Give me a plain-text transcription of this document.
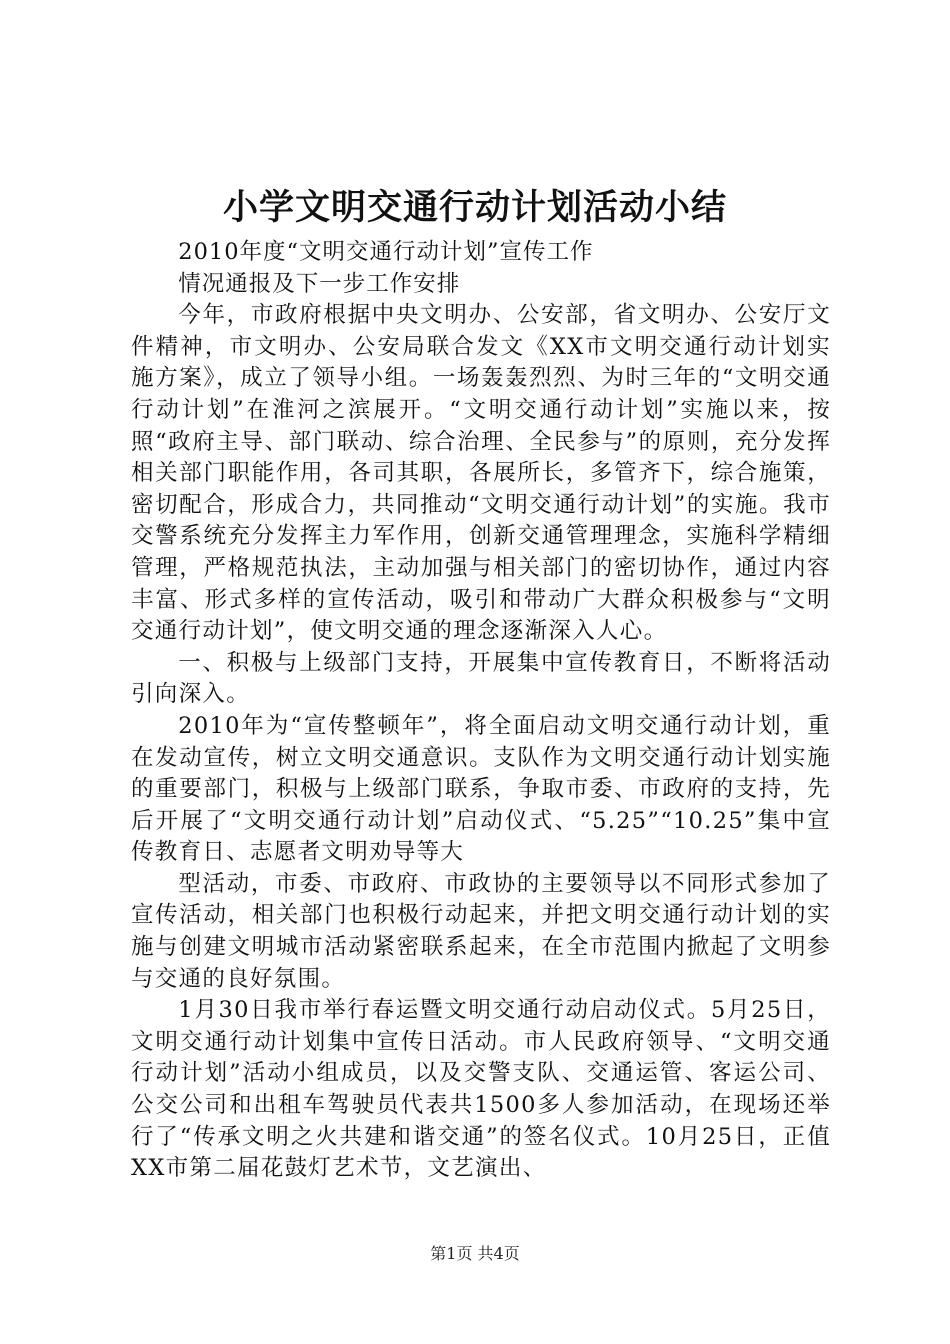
小学文明交通行动计划活动小结

2010年度“文明交通行动计划”宣传工作

情况通报及下一步工作安排

今年，市政府根据中央文明办、公安部，省文明办、公安厅文件精神，市文明办、公安局联合发文《XX市文明交通行动计划实施方案》，成立了领导小组。一场轰轰烈烈、为时三年的“文明交通行动计划”在淮河之滨展开。“文明交通行动计划”实施以来，按照“政府主导、部门联动、综合治理、全民参与”的原则，充分发挥相关部门职能作用，各司其职，各展所长，多管齐下，综合施策，密切配合，形成合力，共同推动“文明交通行动计划”的实施。我市交警系统充分发挥主力军作用，创新交通管理理念，实施科学精细管理，严格规范执法，主动加强与相关部门的密切协作，通过内容丰富、形式多样的宣传活动，吸引和带动广大群众积极参与“文明交通行动计划”，使文明交通的理念逐渐深入人心。

一、积极与上级部门支持，开展集中宣传教育日，不断将活动引向深入。

2010年为“宣传整顿年”，将全面启动文明交通行动计划，重在发动宣传，树立文明交通意识。支队作为文明交通行动计划实施的重要部门，积极与上级部门联系，争取市委、市政府的支持，先后开展了“文明交通行动计划”启动仪式、“5.25”“10.25”集中宣传教育日、志愿者文明劝导等大

型活动，市委、市政府、市政协的主要领导以不同形式参加了宣传活动，相关部门也积极行动起来，并把文明交通行动计划的实施与创建文明城市活动紧密联系起来，在全市范围内掀起了文明参与交通的良好氛围。

1月30日我市举行春运暨文明交通行动启动仪式。5月25日，文明交通行动计划集中宣传日活动。市人民政府领导、“文明交通行动计划”活动小组成员，以及交警支队、交通运管、客运公司、公交公司和出租车驾驶员代表共1500多人参加活动，在现场还举行了“传承文明之火共建和谐交通”的签名仪式。10月25日，正值XX市第二届花鼓灯艺术节，文艺演出、

第1页 共4页
